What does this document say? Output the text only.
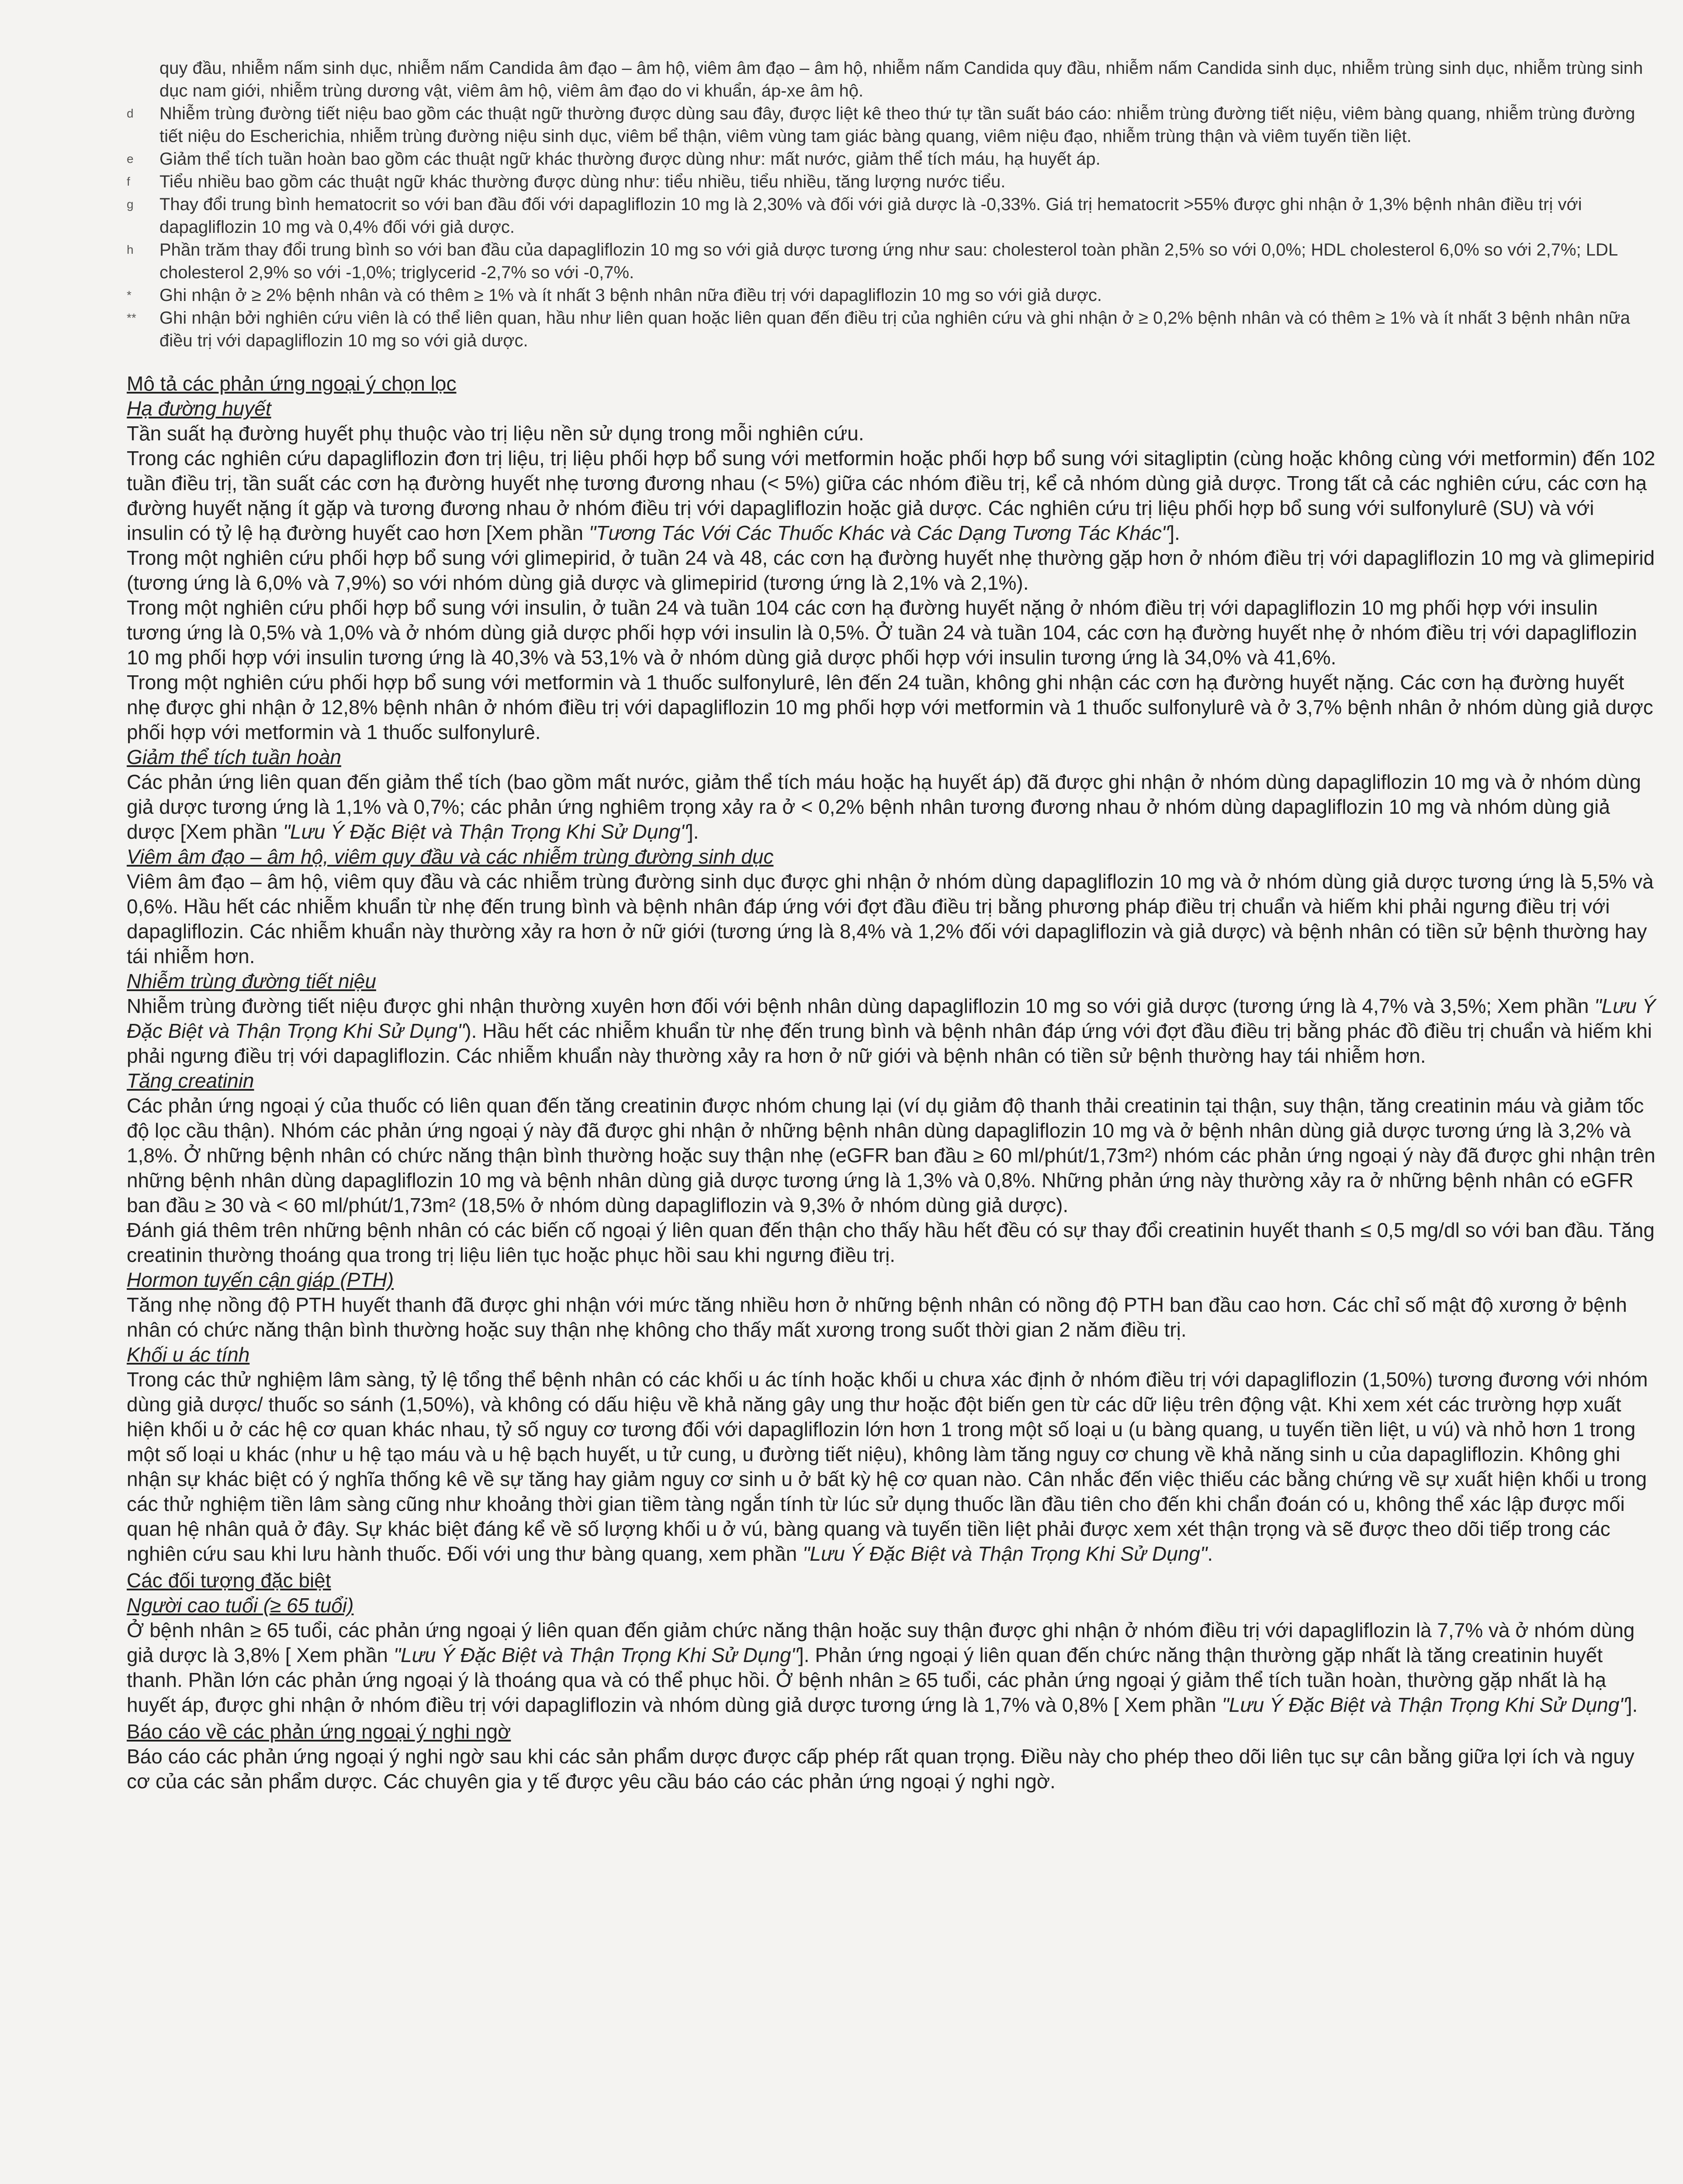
quy đầu, nhiễm nấm sinh dục, nhiễm nấm Candida âm đạo – âm hộ, viêm âm đạo – âm hộ, nhiễm nấm Candida quy đầu, nhiễm nấm Candida sinh dục, nhiễm trùng sinh dục, nhiễm trùng sinh dục nam giới, nhiễm trùng dương vật, viêm âm hộ, viêm âm đạo do vi khuẩn, áp-xe âm hộ.

d	Nhiễm trùng đường tiết niệu bao gồm các thuật ngữ thường được dùng sau đây, được liệt kê theo thứ tự tần suất báo cáo: nhiễm trùng đường tiết niệu, viêm bàng quang, nhiễm trùng đường tiết niệu do Escherichia, nhiễm trùng đường niệu sinh dục, viêm bể thận, viêm vùng tam giác bàng quang, viêm niệu đạo, nhiễm trùng thận và viêm tuyến tiền liệt.
e	Giảm thể tích tuần hoàn bao gồm các thuật ngữ khác thường được dùng như: mất nước, giảm thể tích máu, hạ huyết áp.
f	Tiểu nhiều bao gồm các thuật ngữ khác thường được dùng như: tiểu nhiều, tiểu nhiều, tăng lượng nước tiểu.
g	Thay đổi trung bình hematocrit so với ban đầu đối với dapagliflozin 10 mg là 2,30% và đối với giả dược là -0,33%. Giá trị hematocrit >55% được ghi nhận ở 1,3% bệnh nhân điều trị với dapagliflozin 10 mg và 0,4% đối với giả dược.
h	Phần trăm thay đổi trung bình so với ban đầu của dapagliflozin 10 mg so với giả dược tương ứng như sau: cholesterol toàn phần 2,5% so với 0,0%; HDL cholesterol 6,0% so với 2,7%; LDL cholesterol 2,9% so với -1,0%; triglycerid -2,7% so với -0,7%.
*	Ghi nhận ở ≥ 2% bệnh nhân và có thêm ≥ 1% và ít nhất 3 bệnh nhân nữa điều trị với dapagliflozin 10 mg so với giả dược.
**	Ghi nhận bởi nghiên cứu viên là có thể liên quan, hầu như liên quan hoặc liên quan đến điều trị của nghiên cứu và ghi nhận ở ≥ 0,2% bệnh nhân và có thêm ≥ 1% và ít nhất 3 bệnh nhân nữa điều trị với dapagliflozin 10 mg so với giả dược.

Mô tả các phản ứng ngoại ý chọn lọc

Hạ đường huyết

Tần suất hạ đường huyết phụ thuộc vào trị liệu nền sử dụng trong mỗi nghiên cứu.

Trong các nghiên cứu dapagliflozin đơn trị liệu, trị liệu phối hợp bổ sung với metformin hoặc phối hợp bổ sung với sitagliptin (cùng hoặc không cùng với metformin) đến 102 tuần điều trị, tần suất các cơn hạ đường huyết nhẹ tương đương nhau (< 5%) giữa các nhóm điều trị, kể cả nhóm dùng giả dược. Trong tất cả các nghiên cứu, các cơn hạ đường huyết nặng ít gặp và tương đương nhau ở nhóm điều trị với dapagliflozin hoặc giả dược. Các nghiên cứu trị liệu phối hợp bổ sung với sulfonylurê (SU) và với insulin có tỷ lệ hạ đường huyết cao hơn [Xem phần "Tương Tác Với Các Thuốc Khác và Các Dạng Tương Tác Khác"].

Trong một nghiên cứu phối hợp bổ sung với glimepirid, ở tuần 24 và 48, các cơn hạ đường huyết nhẹ thường gặp hơn ở nhóm điều trị với dapagliflozin 10 mg và glimepirid (tương ứng là 6,0% và 7,9%) so với nhóm dùng giả dược và glimepirid (tương ứng là 2,1% và 2,1%).

Trong một nghiên cứu phối hợp bổ sung với insulin, ở tuần 24 và tuần 104 các cơn hạ đường huyết nặng ở nhóm điều trị với dapagliflozin 10 mg phối hợp với insulin tương ứng là 0,5% và 1,0% và ở nhóm dùng giả dược phối hợp với insulin là 0,5%. Ở tuần 24 và tuần 104, các cơn hạ đường huyết nhẹ ở nhóm điều trị với dapagliflozin 10 mg phối hợp với insulin tương ứng là 40,3% và 53,1% và ở nhóm dùng giả dược phối hợp với insulin tương ứng là 34,0% và 41,6%.

Trong một nghiên cứu phối hợp bổ sung với metformin và 1 thuốc sulfonylurê, lên đến 24 tuần, không ghi nhận các cơn hạ đường huyết nặng. Các cơn hạ đường huyết nhẹ được ghi nhận ở 12,8% bệnh nhân ở nhóm điều trị với dapagliflozin 10 mg phối hợp với metformin và 1 thuốc sulfonylurê và ở 3,7% bệnh nhân ở nhóm dùng giả dược phối hợp với metformin và 1 thuốc sulfonylurê.

Giảm thể tích tuần hoàn

Các phản ứng liên quan đến giảm thể tích (bao gồm mất nước, giảm thể tích máu hoặc hạ huyết áp) đã được ghi nhận ở nhóm dùng dapagliflozin 10 mg và ở nhóm dùng giả dược tương ứng là 1,1% và 0,7%; các phản ứng nghiêm trọng xảy ra ở < 0,2% bệnh nhân tương đương nhau ở nhóm dùng dapagliflozin 10 mg và nhóm dùng giả dược [Xem phần "Lưu Ý Đặc Biệt và Thận Trọng Khi Sử Dụng"].

Viêm âm đạo – âm hộ, viêm quy đầu và các nhiễm trùng đường sinh dục

Viêm âm đạo – âm hộ, viêm quy đầu và các nhiễm trùng đường sinh dục được ghi nhận ở nhóm dùng dapagliflozin 10 mg và ở nhóm dùng giả dược tương ứng là 5,5% và 0,6%. Hầu hết các nhiễm khuẩn từ nhẹ đến trung bình và bệnh nhân đáp ứng với đợt đầu điều trị bằng phương pháp điều trị chuẩn và hiếm khi phải ngưng điều trị với dapagliflozin. Các nhiễm khuẩn này thường xảy ra hơn ở nữ giới (tương ứng là 8,4% và 1,2% đối với dapagliflozin và giả dược) và bệnh nhân có tiền sử bệnh thường hay tái nhiễm hơn.

Nhiễm trùng đường tiết niệu

Nhiễm trùng đường tiết niệu được ghi nhận thường xuyên hơn đối với bệnh nhân dùng dapagliflozin 10 mg so với giả dược (tương ứng là 4,7% và 3,5%; Xem phần "Lưu Ý Đặc Biệt và Thận Trọng Khi Sử Dụng"). Hầu hết các nhiễm khuẩn từ nhẹ đến trung bình và bệnh nhân đáp ứng với đợt đầu điều trị bằng phác đồ điều trị chuẩn và hiếm khi phải ngưng điều trị với dapagliflozin. Các nhiễm khuẩn này thường xảy ra hơn ở nữ giới và bệnh nhân có tiền sử bệnh thường hay tái nhiễm hơn.

Tăng creatinin

Các phản ứng ngoại ý của thuốc có liên quan đến tăng creatinin được nhóm chung lại (ví dụ giảm độ thanh thải creatinin tại thận, suy thận, tăng creatinin máu và giảm tốc độ lọc cầu thận). Nhóm các phản ứng ngoại ý này đã được ghi nhận ở những bệnh nhân dùng dapagliflozin 10 mg và ở bệnh nhân dùng giả dược tương ứng là 3,2% và 1,8%. Ở những bệnh nhân có chức năng thận bình thường hoặc suy thận nhẹ (eGFR ban đầu ≥ 60 ml/phút/1,73m²) nhóm các phản ứng ngoại ý này đã được ghi nhận trên những bệnh nhân dùng dapagliflozin 10 mg và bệnh nhân dùng giả dược tương ứng là 1,3% và 0,8%. Những phản ứng này thường xảy ra ở những bệnh nhân có eGFR ban đầu ≥ 30 và < 60 ml/phút/1,73m² (18,5% ở nhóm dùng dapagliflozin và 9,3% ở nhóm dùng giả dược).

Đánh giá thêm trên những bệnh nhân có các biến cố ngoại ý liên quan đến thận cho thấy hầu hết đều có sự thay đổi creatinin huyết thanh ≤ 0,5 mg/dl so với ban đầu. Tăng creatinin thường thoáng qua trong trị liệu liên tục hoặc phục hồi sau khi ngưng điều trị.

Hormon tuyến cận giáp (PTH)

Tăng nhẹ nồng độ PTH huyết thanh đã được ghi nhận với mức tăng nhiều hơn ở những bệnh nhân có nồng độ PTH ban đầu cao hơn. Các chỉ số mật độ xương ở bệnh nhân có chức năng thận bình thường hoặc suy thận nhẹ không cho thấy mất xương trong suốt thời gian 2 năm điều trị.

Khối u ác tính

Trong các thử nghiệm lâm sàng, tỷ lệ tổng thể bệnh nhân có các khối u ác tính hoặc khối u chưa xác định ở nhóm điều trị với dapagliflozin (1,50%) tương đương với nhóm dùng giả dược/ thuốc so sánh (1,50%), và không có dấu hiệu về khả năng gây ung thư hoặc đột biến gen từ các dữ liệu trên động vật. Khi xem xét các trường hợp xuất hiện khối u ở các hệ cơ quan khác nhau, tỷ số nguy cơ tương đối với dapagliflozin lớn hơn 1 trong một số loại u (u bàng quang, u tuyến tiền liệt, u vú) và nhỏ hơn 1 trong một số loại u khác (như u hệ tạo máu và u hệ bạch huyết, u tử cung, u đường tiết niệu), không làm tăng nguy cơ chung về khả năng sinh u của dapagliflozin. Không ghi nhận sự khác biệt có ý nghĩa thống kê về sự tăng hay giảm nguy cơ sinh u ở bất kỳ hệ cơ quan nào. Cân nhắc đến việc thiếu các bằng chứng về sự xuất hiện khối u trong các thử nghiệm tiền lâm sàng cũng như khoảng thời gian tiềm tàng ngắn tính từ lúc sử dụng thuốc lần đầu tiên cho đến khi chẩn đoán có u, không thể xác lập được mối quan hệ nhân quả ở đây. Sự khác biệt đáng kể về số lượng khối u ở vú, bàng quang và tuyến tiền liệt phải được xem xét thận trọng và sẽ được theo dõi tiếp trong các nghiên cứu sau khi lưu hành thuốc. Đối với ung thư bàng quang, xem phần "Lưu Ý Đặc Biệt và Thận Trọng Khi Sử Dụng".

Các đối tượng đặc biệt

Người cao tuổi (≥ 65 tuổi)

Ở bệnh nhân ≥ 65 tuổi, các phản ứng ngoại ý liên quan đến giảm chức năng thận hoặc suy thận được ghi nhận ở nhóm điều trị với dapagliflozin là 7,7% và ở nhóm dùng giả dược là 3,8% [ Xem phần "Lưu Ý Đặc Biệt và Thận Trọng Khi Sử Dụng"]. Phản ứng ngoại ý liên quan đến chức năng thận thường gặp nhất là tăng creatinin huyết thanh. Phần lớn các phản ứng ngoại ý là thoáng qua và có thể phục hồi. Ở bệnh nhân ≥ 65 tuổi, các phản ứng ngoại ý giảm thể tích tuần hoàn, thường gặp nhất là hạ huyết áp, được ghi nhận ở nhóm điều trị với dapagliflozin và nhóm dùng giả dược tương ứng là 1,7% và 0,8% [ Xem phần "Lưu Ý Đặc Biệt và Thận Trọng Khi Sử Dụng"].

Báo cáo về các phản ứng ngoại ý nghi ngờ

Báo cáo các phản ứng ngoại ý nghi ngờ sau khi các sản phẩm dược được cấp phép rất quan trọng. Điều này cho phép theo dõi liên tục sự cân bằng giữa lợi ích và nguy cơ của các sản phẩm dược. Các chuyên gia y tế được yêu cầu báo cáo các phản ứng ngoại ý nghi ngờ.
